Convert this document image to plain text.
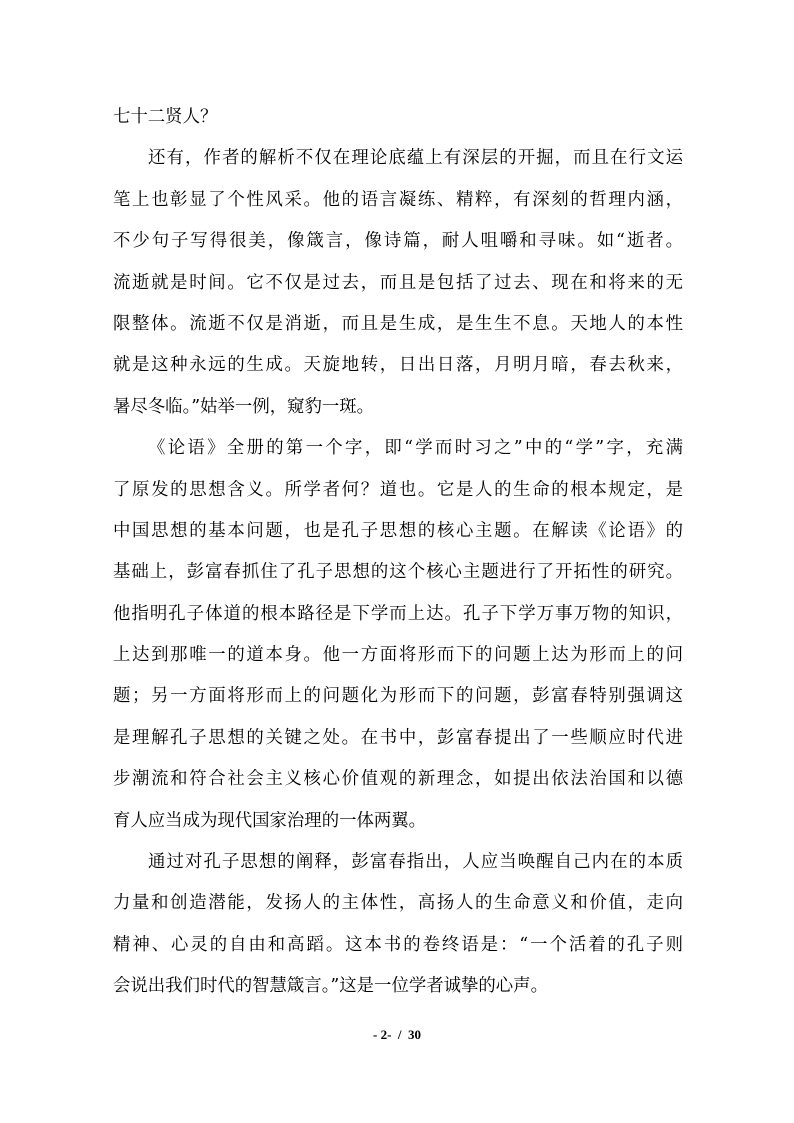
七十二贤人？
还有，作者的解析不仅在理论底蕴上有深层的开掘，而且在行文运
笔上也彰显了个性风采。他的语言凝练、精粹，有深刻的哲理内涵，
不少句子写得很美，像箴言，像诗篇，耐人咀嚼和寻味。如“逝者。
流逝就是时间。它不仅是过去，而且是包括了过去、现在和将来的无
限整体。流逝不仅是消逝，而且是生成，是生生不息。天地人的本性
就是这种永远的生成。天旋地转，日出日落，月明月暗，春去秋来，
暑尽冬临。”姑举一例，窥豹一斑。
《论语》全册的第一个字，即“学而时习之”中的“学”字，充满
了原发的思想含义。所学者何？道也。它是人的生命的根本规定，是
中国思想的基本问题，也是孔子思想的核心主题。在解读《论语》的
基础上，彭富春抓住了孔子思想的这个核心主题进行了开拓性的研究。
他指明孔子体道的根本路径是下学而上达。孔子下学万事万物的知识，
上达到那唯一的道本身。他一方面将形而下的问题上达为形而上的问
题；另一方面将形而上的问题化为形而下的问题，彭富春特别强调这
是理解孔子思想的关键之处。在书中，彭富春提出了一些顺应时代进
步潮流和符合社会主义核心价值观的新理念，如提出依法治国和以德
育人应当成为现代国家治理的一体两翼。
通过对孔子思想的阐释，彭富春指出，人应当唤醒自己内在的本质
力量和创造潜能，发扬人的主体性，高扬人的生命意义和价值，走向
精神、心灵的自由和高蹈。这本书的卷终语是：“一个活着的孔子则
会说出我们时代的智慧箴言。”这是一位学者诚挚的心声。
- 2-  /  30
